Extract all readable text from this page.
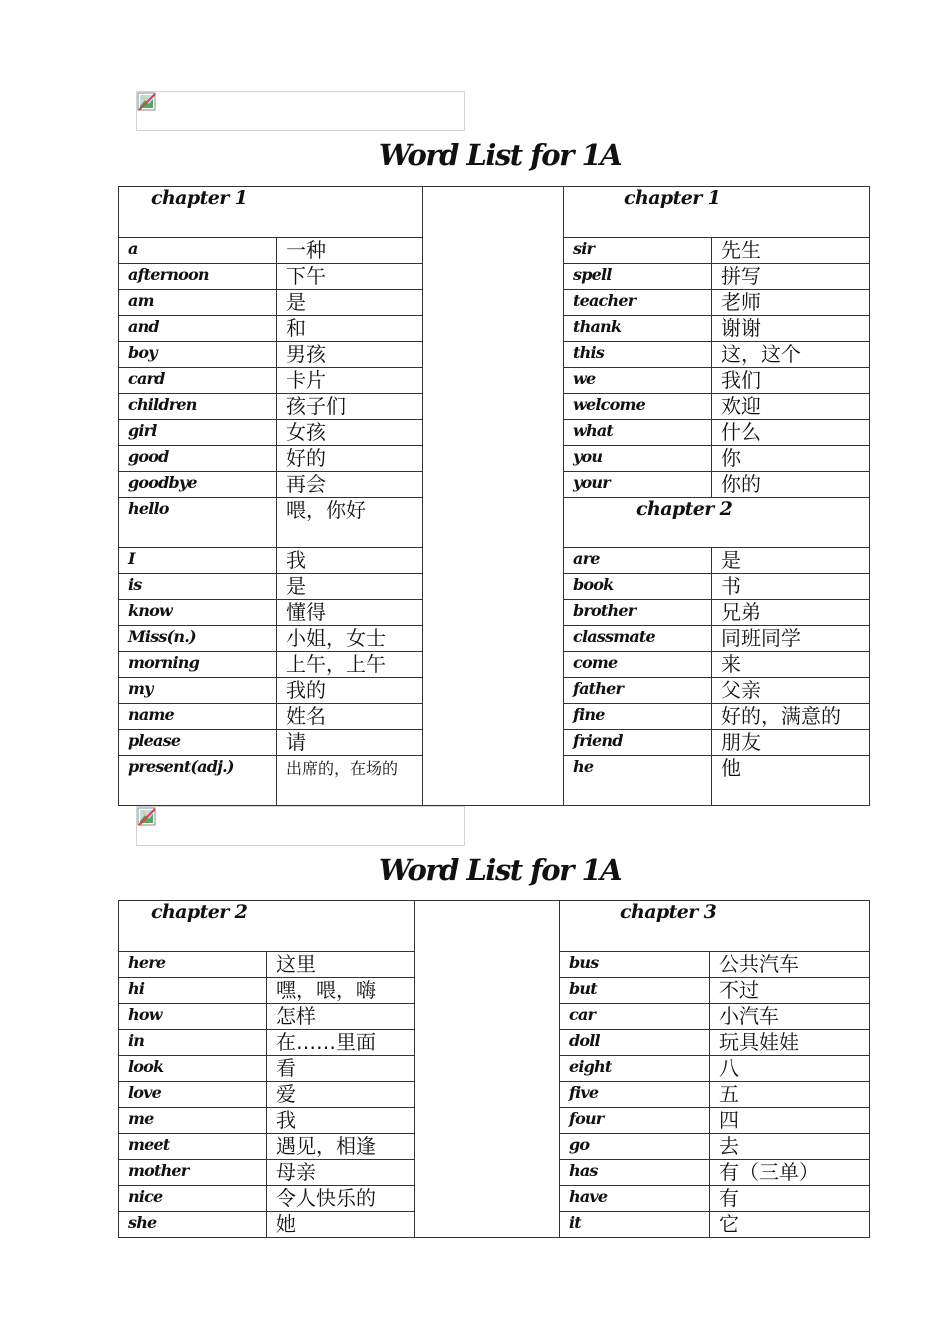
Word List for 1A
chapter 1			chapter 1	
a	一种		sir	先生
afternoon	下午		spell	拼写
am	是		teacher	老师
and	和		thank	谢谢
boy	男孩		this	这，这个
card	卡片		we	我们
children	孩子们		welcome	欢迎
girl	女孩		what	什么
good	好的		you	你
goodbye	再会		your	你的
hello	喂，你好		chapter 2	
I	我		are	是
is	是		book	书
know	懂得		brother	兄弟
Miss(n.)	小姐，女士		classmate	同班同学
morning	上午，上午		come	来
my	我的		father	父亲
name	姓名		fine	好的，满意的
please	请		friend	朋友
present(adj.)	出席的，在场的		he	他
Word List for 1A
chapter 2			chapter 3	
here	这里		bus	公共汽车
hi	嘿，喂，嗨		but	不过
how	怎样		car	小汽车
in	在……里面		doll	玩具娃娃
look	看		eight	八
love	爱		five	五
me	我		four	四
meet	遇见，相逢		go	去
mother	母亲		has	有（三单）
nice	令人快乐的		have	有
she	她		it	它
